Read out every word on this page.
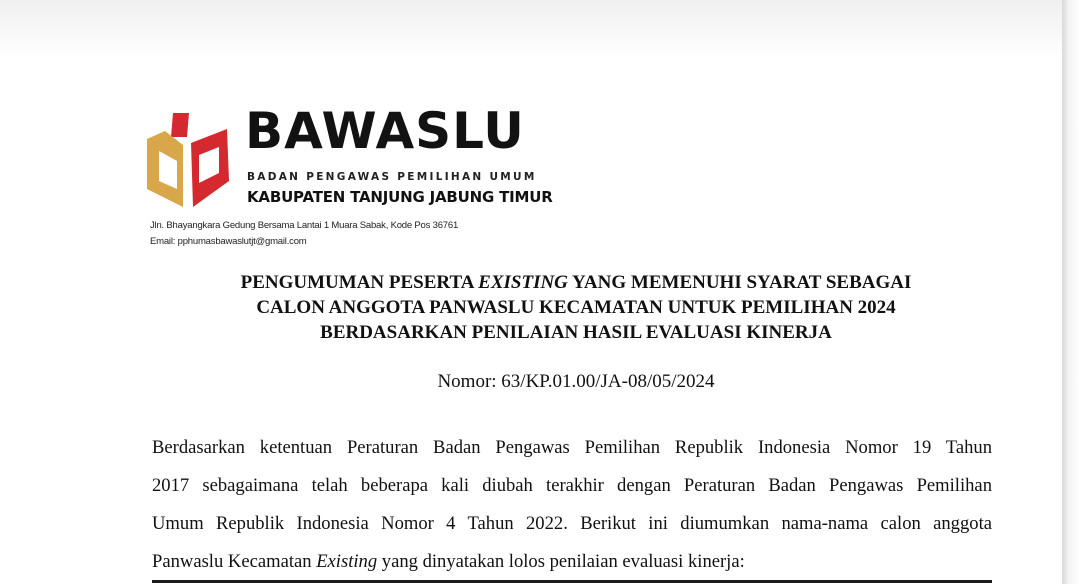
BAWASLU
BADAN PENGAWAS PEMILIHAN UMUM
KABUPATEN TANJUNG JABUNG TIMUR
Jln. Bhayangkara Gedung Bersama Lantai 1 Muara Sabak, Kode Pos 36761
Email: pphumasbawaslutjt@gmail.com
PENGUMUMAN PESERTA EXISTING YANG MEMENUHI SYARAT SEBAGAI
CALON ANGGOTA PANWASLU KECAMATAN UNTUK PEMILIHAN 2024
BERDASARKAN PENILAIAN HASIL EVALUASI KINERJA
Nomor: 63/KP.01.00/JA-08/05/2024
Berdasarkan ketentuan Peraturan Badan Pengawas Pemilihan Republik Indonesia Nomor 19 Tahun
2017 sebagaimana telah beberapa kali diubah terakhir dengan Peraturan Badan Pengawas Pemilihan
Umum Republik Indonesia Nomor 4 Tahun 2022. Berikut ini diumumkan nama-nama calon anggota
Panwaslu Kecamatan Existing yang dinyatakan lolos penilaian evaluasi kinerja:
